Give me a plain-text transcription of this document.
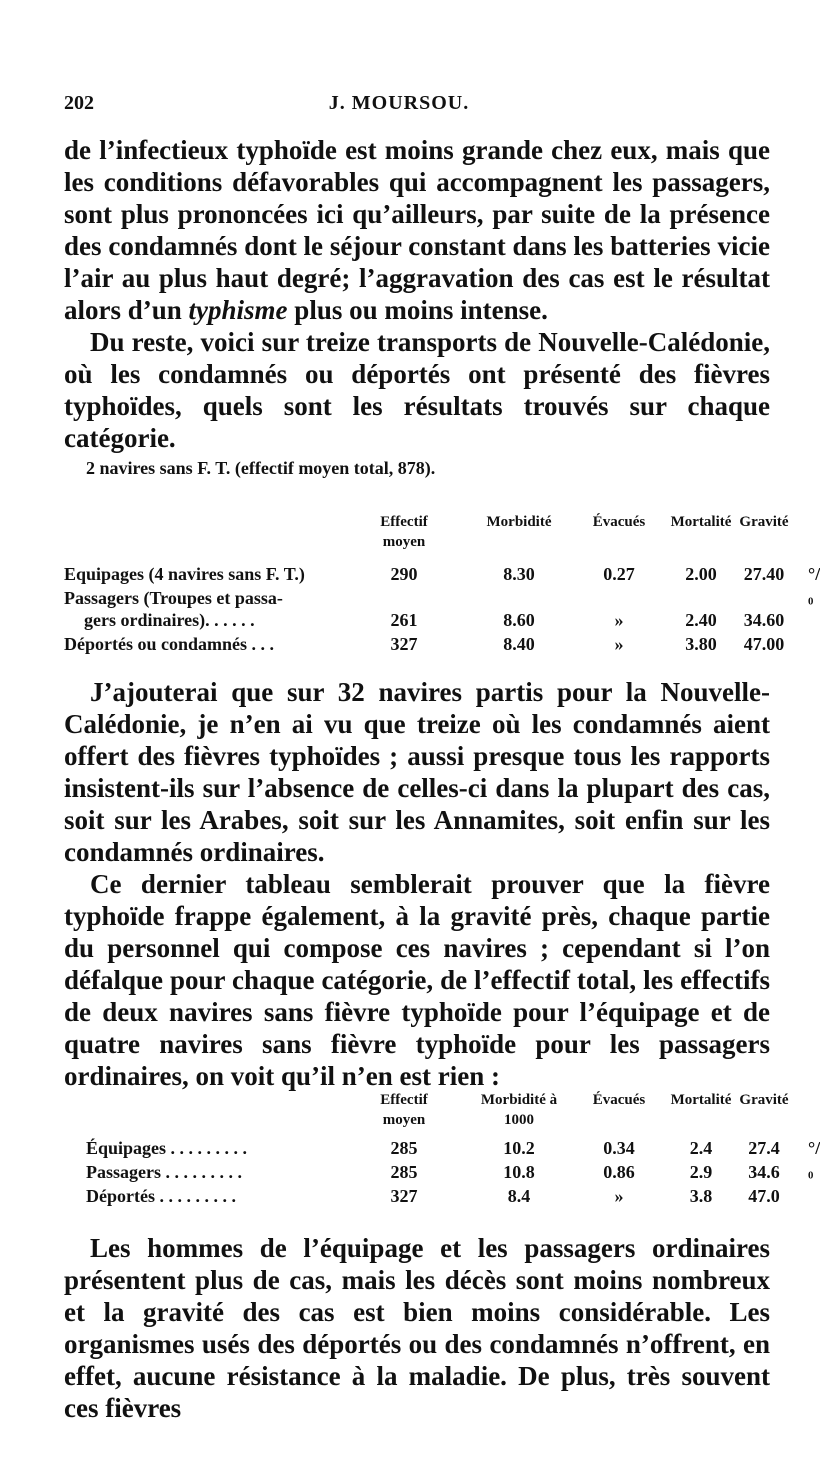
202	J. MOURSOU.

de l’infectieux typhoïde est moins grande chez eux, mais que les conditions défavorables qui accompagnent les passagers, sont plus prononcées ici qu’ailleurs, par suite de la présence des condamnés dont le séjour constant dans les batteries vicie l’air au plus haut degré; l’aggravation des cas est le résultat alors d’un typhisme plus ou moins intense.

Du reste, voici sur treize transports de Nouvelle-Calédonie, où les condamnés ou déportés ont présenté des fièvres typhoïdes, quels sont les résultats trouvés sur chaque catégorie.

2 navires sans F. T. (effectif moyen total, 878).

Effectif moyen
Morbidité	Évacués	Mortalité Gravité
Equipages (4 navires sans F. T.)	290	8.30	0.27	2.00	27.40	°/₀
Passagers (Troupes et passa-
gers ordinaires). . . . . .	261	8.60	»	2.40	34.60
Déportés ou condamnés . . .	327	8.40	»	3.80	47.00

J’ajouterai que sur 32 navires partis pour la Nouvelle-Calédonie, je n’en ai vu que treize où les condamnés aient offert des fièvres typhoïdes ; aussi presque tous les rapports insistent-ils sur l’absence de celles-ci dans la plupart des cas, soit sur les Arabes, soit sur les Annamites, soit enfin sur les condamnés ordinaires.

Ce dernier tableau semblerait prouver que la fièvre typhoïde frappe également, à la gravité près, chaque partie du personnel qui compose ces navires ; cependant si l’on défalque pour chaque catégorie, de l’effectif total, les effectifs de deux navires sans fièvre typhoïde pour l’équipage et de quatre navires sans fièvre typhoïde pour les passagers ordinaires, on voit qu’il n’en est rien :

Effectif moyen
Morbidité à 1000
Évacués	Mortalité Gravité
Équipages . . . . . . . . .	285	10.2	0.34	2.4	27.4	°/₀
Passagers . . . . . . . . .	285	10.8	0.86	2.9	34.6
Déportés . . . . . . . . .	327	8.4	»	3.8	47.0

Les hommes de l’équipage et les passagers ordinaires présentent plus de cas, mais les décès sont moins nombreux et la gravité des cas est bien moins considérable. Les organismes usés des déportés ou des condamnés n’offrent, en effet, aucune résistance à la maladie. De plus, très souvent ces fièvres
